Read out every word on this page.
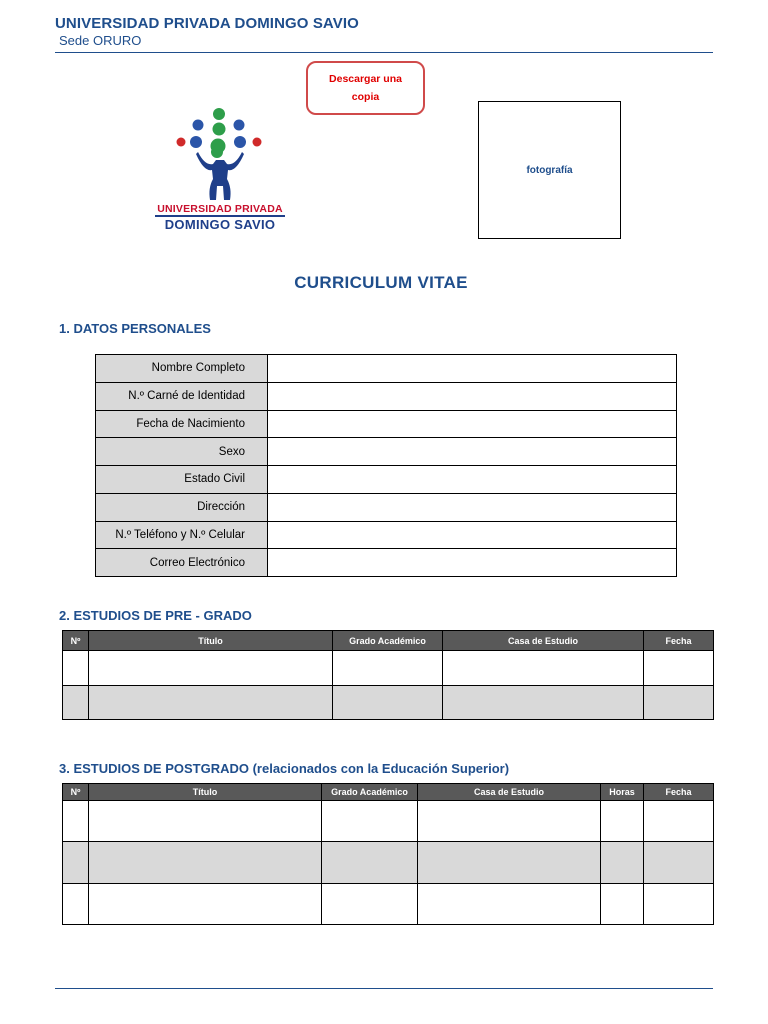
UNIVERSIDAD PRIVADA DOMINGO SAVIO
Sede ORURO
Descargar una copia
UNIVERSIDAD PRIVADA
DOMINGO SAVIO
fotografía
CURRICULUM VITAE
1. DATOS PERSONALES
Nombre Completo	
N.º Carné de Identidad	
Fecha de Nacimiento	
Sexo	
Estado Civil	
Dirección	
N.º Teléfono y N.º Celular	
Correo Electrónico	
2. ESTUDIOS DE PRE - GRADO
Nº	Título	Grado Académico	Casa de Estudio	Fecha

3. ESTUDIOS DE POSTGRADO (relacionados con la Educación Superior)
Nº	Título	Grado Académico	Casa de Estudio	Horas	Fecha
